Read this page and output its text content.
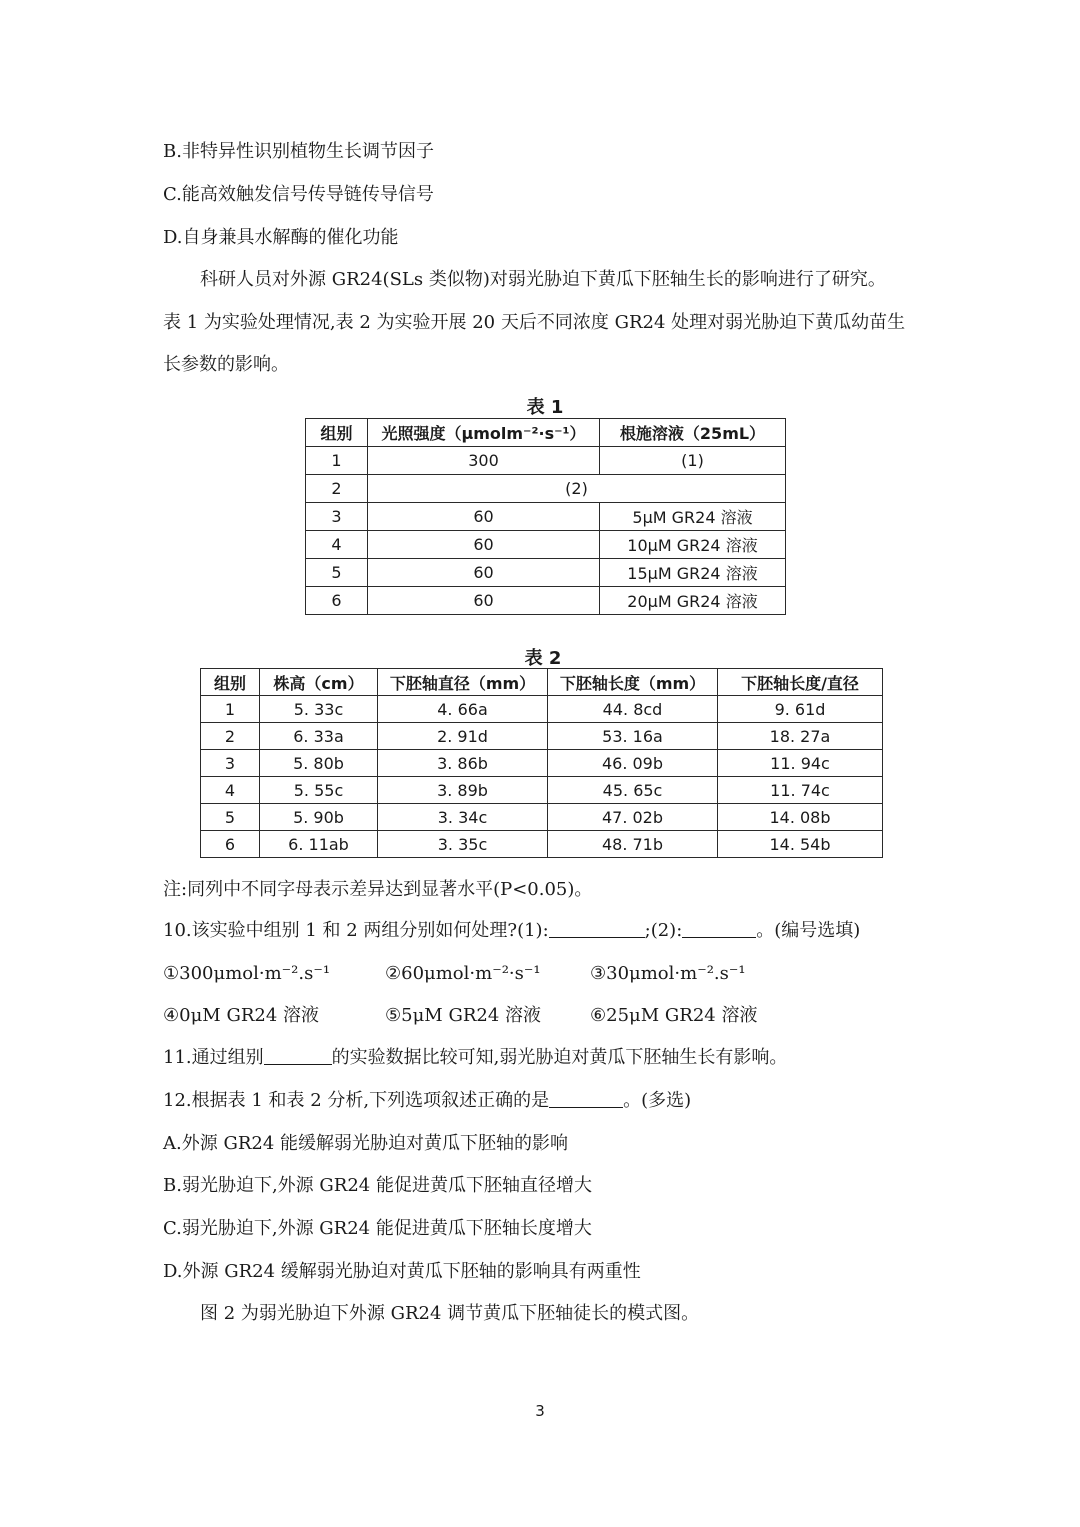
B.非特异性识别植物生长调节因子
C.能高效触发信号传导链传导信号
D.自身兼具水解酶的催化功能
科研人员对外源 GR24(SLs 类似物)对弱光胁迫下黄瓜下胚轴生长的影响进行了研究。
表 1 为实验处理情况,表 2 为实验开展 20 天后不同浓度 GR24 处理对弱光胁迫下黄瓜幼苗生
长参数的影响。
表 1
组别	光照强度（μmolm⁻²·s⁻¹）	根施溶液（25mL）
1	300	(1)
2	(2)	
3	60	5μM GR24 溶液
4	60	10μM GR24 溶液
5	60	15μM GR24 溶液
6	60	20μM GR24 溶液
表 2
组别	株高（cm）	下胚轴直径（mm）	下胚轴长度（mm）	下胚轴长度/直径
1	5. 33c	4. 66a	44. 8cd	9. 61d
2	6. 33a	2. 91d	53. 16a	18. 27a
3	5. 80b	3. 86b	46. 09b	11. 94c
4	5. 55c	3. 89b	45. 65c	11. 74c
5	5. 90b	3. 34c	47. 02b	14. 08b
6	6. 11ab	3. 35c	48. 71b	14. 54b
注:同列中不同字母表示差异达到显著水平(P<0.05)。
10.该实验中组别 1 和 2 两组分别如何处理?(1):	;(2):	。(编号选填)
①300μmol·m⁻².s⁻¹	②60μmol·m⁻²·s⁻¹	③30μmol·m⁻².s⁻¹
④0μM GR24 溶液	⑤5μM GR24 溶液	⑥25μM GR24 溶液
11.通过组别	的实验数据比较可知,弱光胁迫对黄瓜下胚轴生长有影响。
12.根据表 1 和表 2 分析,下列选项叙述正确的是	。(多选)
A.外源 GR24 能缓解弱光胁迫对黄瓜下胚轴的影响
B.弱光胁迫下,外源 GR24 能促进黄瓜下胚轴直径增大
C.弱光胁迫下,外源 GR24 能促进黄瓜下胚轴长度增大
D.外源 GR24 缓解弱光胁迫对黄瓜下胚轴的影响具有两重性
图 2 为弱光胁迫下外源 GR24 调节黄瓜下胚轴徒长的模式图。
3
